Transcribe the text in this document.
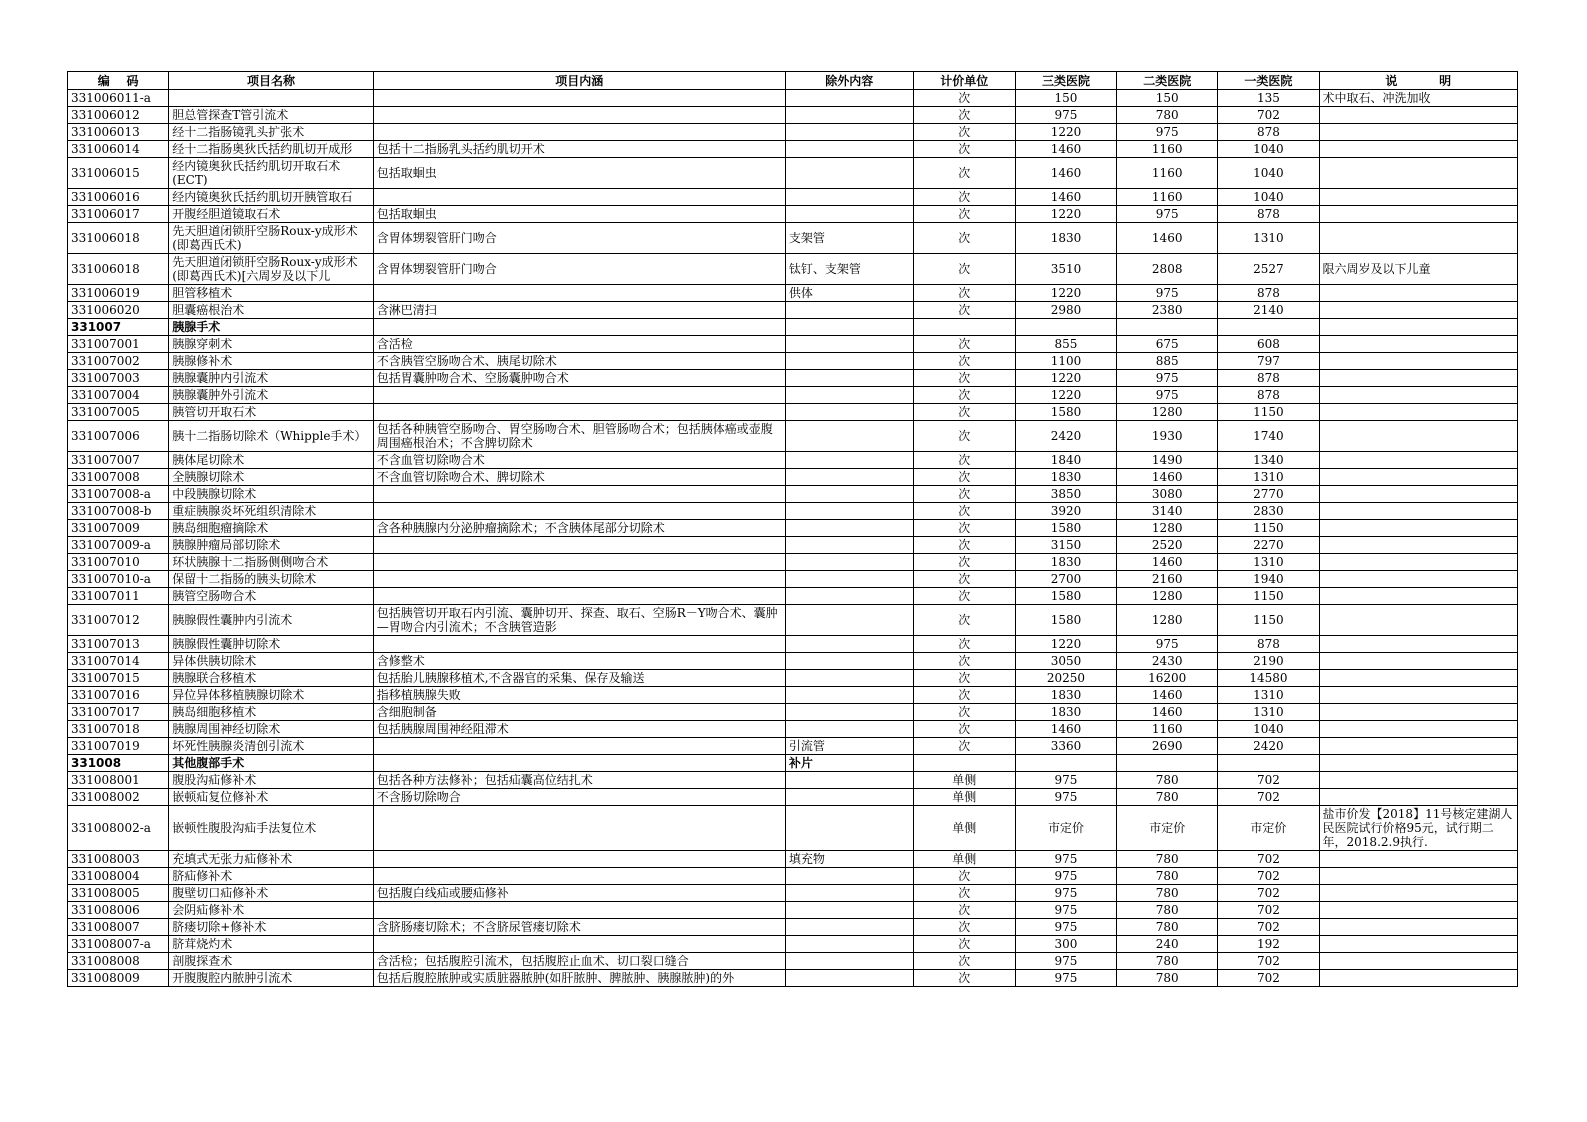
编    码	项目名称	项目内涵	除外内容	计价单位	三类医院	二类医院	一类医院	说          明
331006011-a				次	150	150	135	术中取石、冲洗加收
331006012	胆总管探查T管引流术			次	975	780	702	
331006013	经十二指肠镜乳头扩张术			次	1220	975	878	
331006014	经十二指肠奥狄氏括约肌切开成形	包括十二指肠乳头括约肌切开术		次	1460	1160	1040	
331006015	经内镜奥狄氏括约肌切开取石术(ECT)	包括取蛔虫		次	1460	1160	1040	
331006016	经内镜奥狄氏括约肌切开胰管取石			次	1460	1160	1040	
331006017	开腹经胆道镜取石术	包括取蛔虫		次	1220	975	878	
331006018	先天胆道闭锁肝空肠Roux-y成形术(即葛西氏术)	含胃体甥裂管肝门吻合	支架管	次	1830	1460	1310	
331006018	先天胆道闭锁肝空肠Roux-y成形术(即葛西氏术)[六周岁及以下儿	含胃体甥裂管肝门吻合	钛钉、支架管	次	3510	2808	2527	限六周岁及以下儿童
331006019	胆管移植术		供体	次	1220	975	878	
331006020	胆囊癌根治术	含淋巴清扫		次	2980	2380	2140	
331007	胰腺手术							
331007001	胰腺穿刺术	含活检		次	855	675	608	
331007002	胰腺修补术	不含胰管空肠吻合术、胰尾切除术		次	1100	885	797	
331007003	胰腺囊肿内引流术	包括胃囊肿吻合术、空肠囊肿吻合术		次	1220	975	878	
331007004	胰腺囊肿外引流术			次	1220	975	878	
331007005	胰管切开取石术			次	1580	1280	1150	
331007006	胰十二指肠切除术（Whipple手术）	包括各种胰管空肠吻合、胃空肠吻合术、胆管肠吻合术；包括胰体癌或壶腹周围癌根治术；不含脾切除术		次	2420	1930	1740	
331007007	胰体尾切除术	不含血管切除吻合术		次	1840	1490	1340	
331007008	全胰腺切除术	不含血管切除吻合术、脾切除术		次	1830	1460	1310	
331007008-a	中段胰腺切除术			次	3850	3080	2770	
331007008-b	重症胰腺炎坏死组织清除术			次	3920	3140	2830	
331007009	胰岛细胞瘤摘除术	含各种胰腺内分泌肿瘤摘除术；不含胰体尾部分切除术		次	1580	1280	1150	
331007009-a	胰腺肿瘤局部切除术			次	3150	2520	2270	
331007010	环状胰腺十二指肠侧侧吻合术			次	1830	1460	1310	
331007010-a	保留十二指肠的胰头切除术			次	2700	2160	1940	
331007011	胰管空肠吻合术			次	1580	1280	1150	
331007012	胰腺假性囊肿内引流术	包括胰管切开取石内引流、囊肿切开、探查、取石、空肠R－Y吻合术、囊肿—胃吻合内引流术；不含胰管造影		次	1580	1280	1150	
331007013	胰腺假性囊肿切除术			次	1220	975	878	
331007014	异体供胰切除术	含修整术		次	3050	2430	2190	
331007015	胰腺联合移植术	包括胎儿胰腺移植术,不含器官的采集、保存及输送		次	20250	16200	14580	
331007016	异位异体移植胰腺切除术	指移植胰腺失败		次	1830	1460	1310	
331007017	胰岛细胞移植术	含细胞制备		次	1830	1460	1310	
331007018	胰腺周围神经切除术	包括胰腺周围神经阻滞术		次	1460	1160	1040	
331007019	坏死性胰腺炎清创引流术		引流管	次	3360	2690	2420	
331008	其他腹部手术		补片					
331008001	腹股沟疝修补术	包括各种方法修补；包括疝囊高位结扎术		单侧	975	780	702	
331008002	嵌顿疝复位修补术	不含肠切除吻合		单侧	975	780	702	
331008002-a	嵌顿性腹股沟疝手法复位术			单侧	市定价	市定价	市定价	盐市价发【2018】11号核定建湖人民医院试行价格95元，试行期二年，2018.2.9执行.
331008003	充填式无张力疝修补术		填充物	单侧	975	780	702	
331008004	脐疝修补术			次	975	780	702	
331008005	腹壁切口疝修补术	包括腹白线疝或腰疝修补		次	975	780	702	
331008006	会阴疝修补术			次	975	780	702	
331008007	脐瘘切除+修补术	含脐肠瘘切除术；不含脐尿管瘘切除术		次	975	780	702	
331008007-a	脐茸烧灼术			次	300	240	192	
331008008	剖腹探查术	含活检；包括腹腔引流术，包括腹腔止血术、切口裂口缝合		次	975	780	702	
331008009	开腹腹腔内脓肿引流术	包括后腹腔脓肿或实质脏器脓肿(如肝脓肿、脾脓肿、胰腺脓肿)的外		次	975	780	702	
